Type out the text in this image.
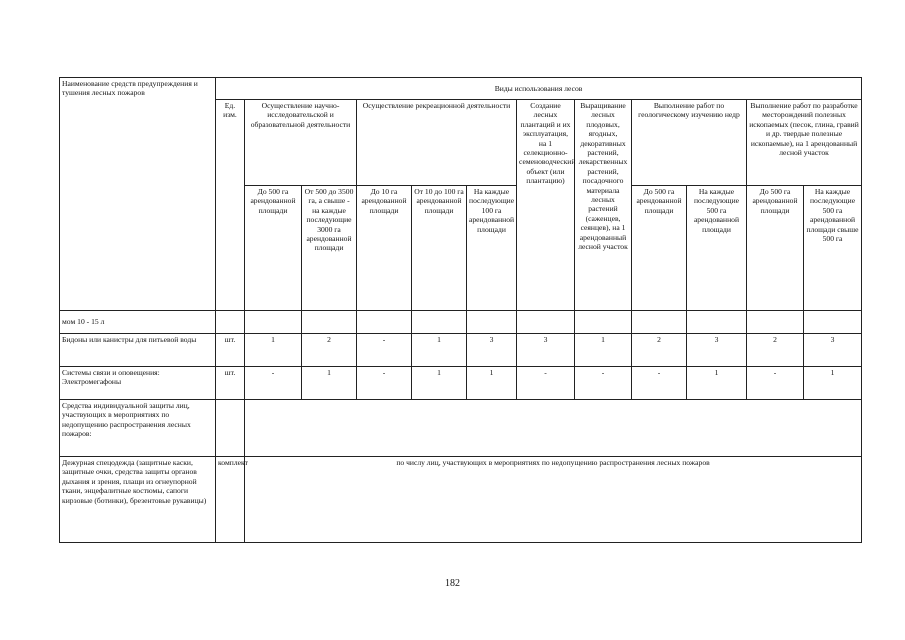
Наименование средств предупреждения и тушения лесных пожаров	Виды использования лесов											
	Ед. изм.	Осуществление научно-исследовательской и образовательной деятельности		Осуществление рекреационной деятельности			Создание лесных плантаций и их эксплуатация, на 1 селекционно-семеноводческий объект (или плантацию)	Выращивание лесных плодовых, ягодных, декоративных растений, лекарственных растений, посадочного материала лесных растений (саженцев, сеянцев), на 1 арендованный лесной участок	Выполнение работ по геологическому изучению недр		Выполнение работ по разработке месторождений полезных ископаемых (песок, глина, гравий и др. твердые полезные ископаемые), на 1 арендованный лесной участок	
		До 500 га арендованной площади	От 500 до 3500 га, а свыше - на каждые последующие 3000 га арендованной площади	До 10 га арендованной площади	От 10 до 100 га арендованной площади	На каждые последующие 100 га арендованной площади			До 500 га арендованной площади	На каждые последующие 500 га арендованной площади	До 500 га арендованной площади	На каждые последующие 500 га арендованной площади свыше 500 га
мом 10 - 15 л												
Бидоны или канистры для питьевой воды	шт.	1	2	-	1	3	3	1	2	3	2	3
Системы связи и оповещения: Электромегафоны	шт.	-	1	-	1	1	-	-	-	1	-	1
Средства индивидуальной защиты лиц, участвующих в мероприятиях по недопущению распространения лесных пожаров:												
Дежурная спецодежда (защитные каски, защитные очки, средства защиты органов дыхания и зрения, плащи из огнеупорной ткани, энцефалитные костюмы, сапоги кирзовые (ботинки), брезентовые рукавицы)	комплект	по числу лиц, участвующих в мероприятиях по недопущению распространения лесных пожаров										
182
